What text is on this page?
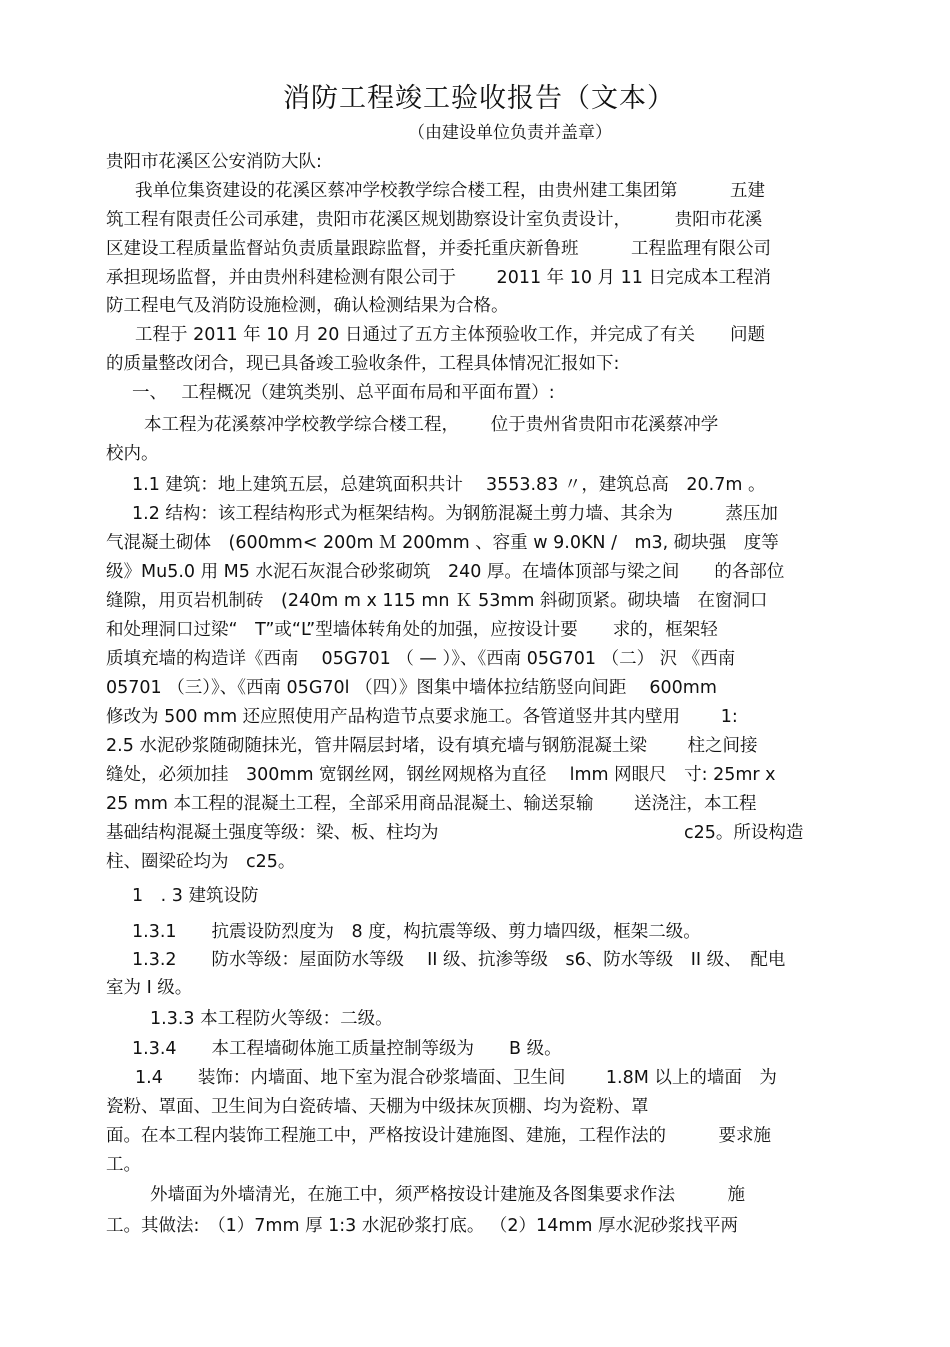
消防工程竣工验收报告（文本）
（由建设单位负责并盖章）
贵阳市花溪区公安消防大队:
我单位集资建设的花溪区蔡冲学校教学综合楼工程，由贵州建工集团第　　　五建
筑工程有限责任公司承建，贵阳市花溪区规划勘察设计室负责设计，　　　贵阳市花溪
区建设工程质量监督站负责质量跟踪监督，并委托重庆新鲁班　　　工程监理有限公司
承担现场监督，并由贵州科建检测有限公司于　　 2011 年 10 月 11 日完成本工程消
防工程电气及消防设施检测，确认检测结果为合格。
工程于 2011 年 10 月 20 日通过了五方主体预验收工作，并完成了有关　　问题
的质量整改闭合，现已具备竣工验收条件，工程具体情况汇报如下:
一、　 工程概况（建筑类别、总平面布局和平面布置）:
本工程为花溪蔡冲学校教学综合楼工程，　　 位于贵州省贵阳市花溪蔡冲学
校内。
1.1 建筑：地上建筑五层，总建筑面积共计　 3553.83 〃，建筑总高　20.7m 。
1.2 结构：该工程结构形式为框架结构。为钢筋混凝土剪力墙、其余为　　　蒸压加
气混凝土砌体　(600mm< 200m Ｍ 200mm 、容重 w 9.0KN /　m3, 砌块强　度等
级》Mu5.0 用 M5 水泥石灰混合砂浆砌筑　240 厚。在墙体顶部与梁之间　　的各部位
缝隙，用页岩机制砖　(240m m x 115 mn Ｋ 53mm 斜砌顶紧。砌块墙　在窗洞口
和处理洞口过梁“　T”或“L”型墙体转角处的加强，应按设计要　　求的，框架轻
质填充墙的构造详《西南　 05G701 （ — ）》、《西南 05G701 （二） 沢 《西南
05701 （三）》、《西南 05G70l （四）》图集中墙体拉结筋竖向间距　 600mm
修改为 500 mm 还应照使用产品构造节点要求施工。各管道竖井其内壁用　　 1:
2.5 水泥砂浆随砌随抹光，管井隔层封堵，设有填充墙与钢筋混凝土梁　　 柱之间接
缝处，必须加挂　300mm 宽钢丝网，钢丝网规格为直径　 lmm 网眼尺　寸: 25mr x
25 mm 本工程的混凝土工程，全部采用商品混凝土、输送泵输　　 送浇注，本工程
基础结构混凝土强度等级：梁、板、柱均为	c25。所设构造
柱、圈梁砼均为　c25。
1　. 3 建筑设防
1.3.1　　抗震设防烈度为　8 度，构抗震等级、剪力墙四级，框架二级。
1.3.2　　防水等级：屋面防水等级　 II 级、抗渗等级　s6、防水等级　II 级、　配电
室为 I 级。
1.3.3 本工程防火等级：二级。
1.3.4　　本工程墙砌体施工质量控制等级为　　B 级。
1.4　　装饰：内墙面、地下室为混合砂浆墙面、卫生间　　 1.8M 以上的墙面　为
瓷粉、罩面、卫生间为白瓷砖墙、天棚为中级抹灰顶棚、均为瓷粉、罩
面。在本工程内装饰工程施工中，严格按设计建施图、建施，工程作法的　　　要求施
工。
外墙面为外墙清光，在施工中，须严格按设计建施及各图集要求作法　　　施
工。其做法:　（1）7mm 厚 1:3 水泥砂浆打底。 （2）14mm 厚水泥砂浆找平两
